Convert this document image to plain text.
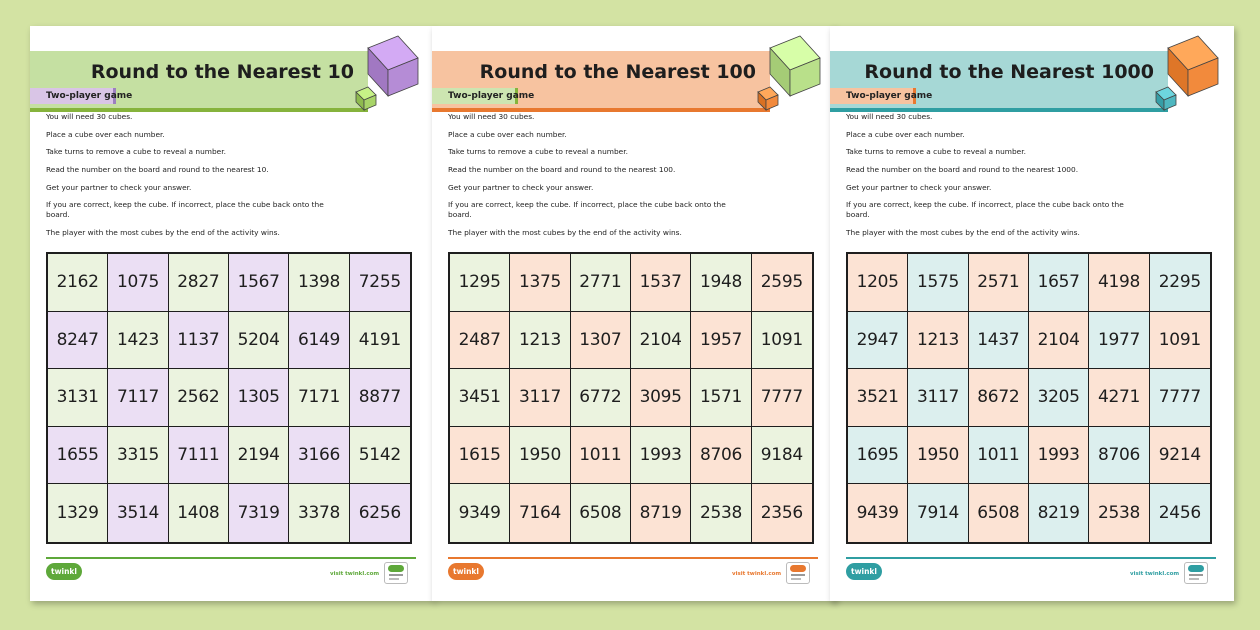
Round to the Nearest 10
Two-player game

You will need 30 cubes.

Place a cube over each number.

Take turns to remove a cube to reveal a number.

Read the number on the board and round to the nearest 10.

Get your partner to check your answer.

If you are correct, keep the cube. If incorrect, place the cube back onto the board.

The player with the most cubes by the end of the activity wins.

2162	1075	2827	1567	1398	7255
8247	1423	1137	5204	6149	4191
3131	7117	2562	1305	7171	8877
1655	3315	7111	2194	3166	5142
1329	3514	1408	7319	3378	6256
twinkl	visit twinkl.com
Round to the Nearest 100
Two-player game

You will need 30 cubes.

Place a cube over each number.

Take turns to remove a cube to reveal a number.

Read the number on the board and round to the nearest 100.

Get your partner to check your answer.

If you are correct, keep the cube. If incorrect, place the cube back onto the board.

The player with the most cubes by the end of the activity wins.

1295	1375	2771	1537	1948	2595
2487	1213	1307	2104	1957	1091
3451	3117	6772	3095	1571	7777
1615	1950	1011	1993	8706	9184
9349	7164	6508	8719	2538	2356
twinkl	visit twinkl.com
Round to the Nearest 1000
Two-player game

You will need 30 cubes.

Place a cube over each number.

Take turns to remove a cube to reveal a number.

Read the number on the board and round to the nearest 1000.

Get your partner to check your answer.

If you are correct, keep the cube. If incorrect, place the cube back onto the board.

The player with the most cubes by the end of the activity wins.

1205	1575	2571	1657	4198	2295
2947	1213	1437	2104	1977	1091
3521	3117	8672	3205	4271	7777
1695	1950	1011	1993	8706	9214
9439	7914	6508	8219	2538	2456
twinkl	visit twinkl.com
